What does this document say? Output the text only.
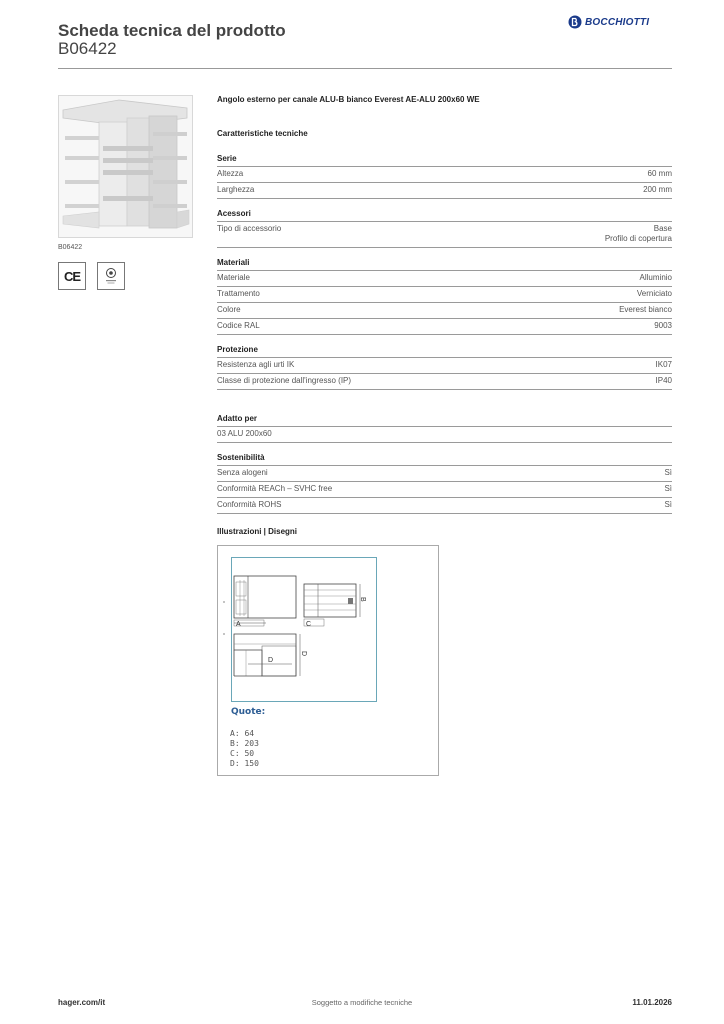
Scheda tecnica del prodotto
B06422
BOCCHIOTTI
B06422
CE
Angolo esterno per canale ALU-B bianco Everest AE-ALU 200x60 WE
Caratteristiche tecniche
Serie
Altezza	60 mm
Larghezza	200 mm
Acessori
Tipo di accessorio	Base
Profilo di copertura
Materiali
Materiale	Alluminio
Trattamento	Verniciato
Colore	Everest bianco
Codice RAL	9003
Protezione
Resistenza agli urti IK	IK07
Classe di protezione dall'ingresso (IP)	IP40
Adatto per
03 ALU 200x60
Sostenibilità
Senza alogeni	Sì
Conformità REACh – SVHC free	Sì
Conformità ROHS	Sì
Illustrazioni | Disegni
A
B
C
D
D
Quote:
A: 64
B: 203
C: 50
D: 150
hager.com/it	Soggetto a modifiche tecniche	11.01.2026
